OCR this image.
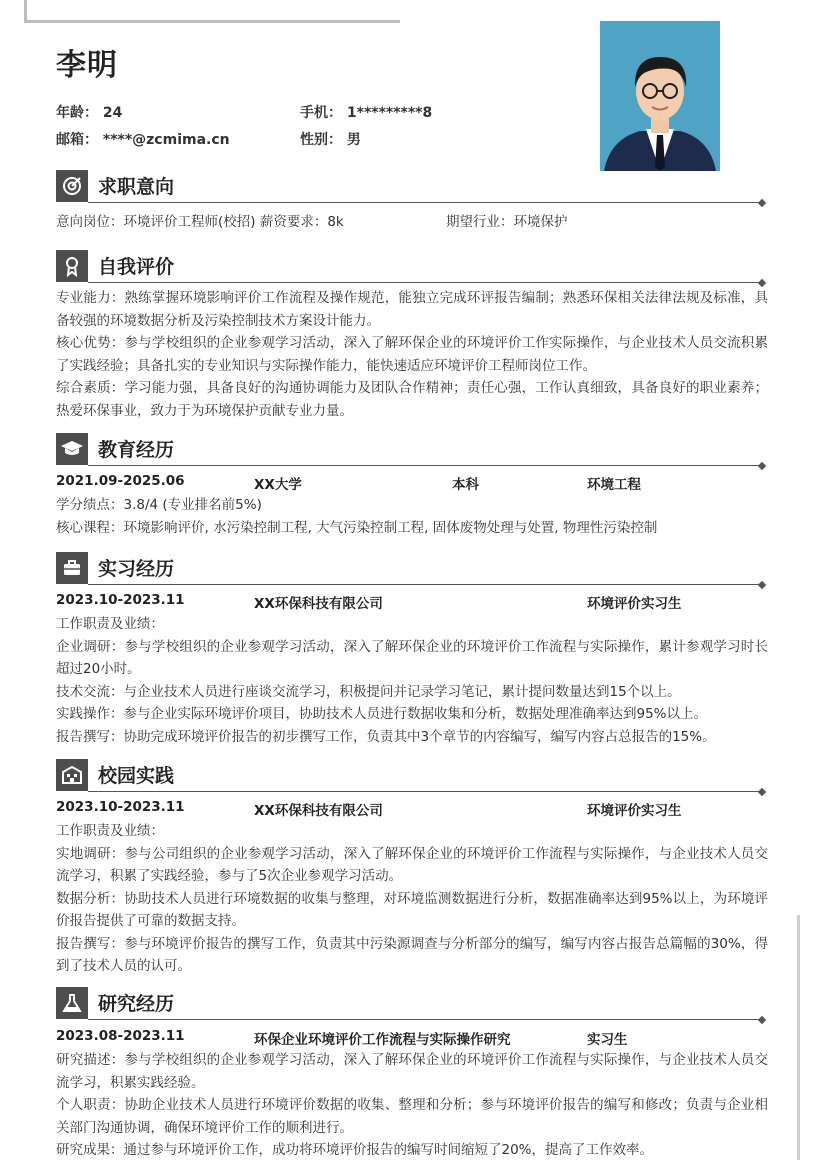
李明
年龄： 24	手机： 1*********8
邮箱： ****@zcmima.cn	性别： 男
求职意向
意向岗位：环境评价工程师(校招) 薪资要求：8k	期望行业：环境保护
自我评价
专业能力：熟练掌握环境影响评价工作流程及操作规范，能独立完成环评报告编制；熟悉环保相关法律法规及标准，具备较强的环境数据分析及污染控制技术方案设计能力。
核心优势：参与学校组织的企业参观学习活动，深入了解环保企业的环境评价工作实际操作，与企业技术人员交流积累了实践经验；具备扎实的专业知识与实际操作能力，能快速适应环境评价工程师岗位工作。
综合素质：学习能力强，具备良好的沟通协调能力及团队合作精神；责任心强，工作认真细致，具备良好的职业素养；热爱环保事业，致力于为环境保护贡献专业力量。
教育经历
2021.09-2025.06	XX大学	本科	环境工程
学分绩点：3.8/4 (专业排名前5%)
核心课程：环境影响评价, 水污染控制工程, 大气污染控制工程, 固体废物处理与处置, 物理性污染控制
实习经历
2023.10-2023.11	XX环保科技有限公司	环境评价实习生
工作职责及业绩：
企业调研：参与学校组织的企业参观学习活动，深入了解环保企业的环境评价工作流程与实际操作，累计参观学习时长超过20小时。
技术交流：与企业技术人员进行座谈交流学习，积极提问并记录学习笔记，累计提问数量达到15个以上。
实践操作：参与企业实际环境评价项目，协助技术人员进行数据收集和分析，数据处理准确率达到95%以上。
报告撰写：协助完成环境评价报告的初步撰写工作，负责其中3个章节的内容编写，编写内容占总报告的15%。
校园实践
2023.10-2023.11	XX环保科技有限公司	环境评价实习生
工作职责及业绩：
实地调研：参与公司组织的企业参观学习活动，深入了解环保企业的环境评价工作流程与实际操作，与企业技术人员交流学习，积累了实践经验，参与了5次企业参观学习活动。
数据分析：协助技术人员进行环境数据的收集与整理，对环境监测数据进行分析，数据准确率达到95%以上，为环境评价报告提供了可靠的数据支持。
报告撰写：参与环境评价报告的撰写工作，负责其中污染源调查与分析部分的编写，编写内容占报告总篇幅的30%，得到了技术人员的认可。
研究经历
2023.08-2023.11	环保企业环境评价工作流程与实际操作研究	实习生
研究描述：参与学校组织的企业参观学习活动，深入了解环保企业的环境评价工作流程与实际操作，与企业技术人员交流学习，积累实践经验。
个人职责：协助企业技术人员进行环境评价数据的收集、整理和分析；参与环境评价报告的编写和修改；负责与企业相关部门沟通协调，确保环境评价工作的顺利进行。
研究成果：通过参与环境评价工作，成功将环境评价报告的编写时间缩短了20%，提高了工作效率。
